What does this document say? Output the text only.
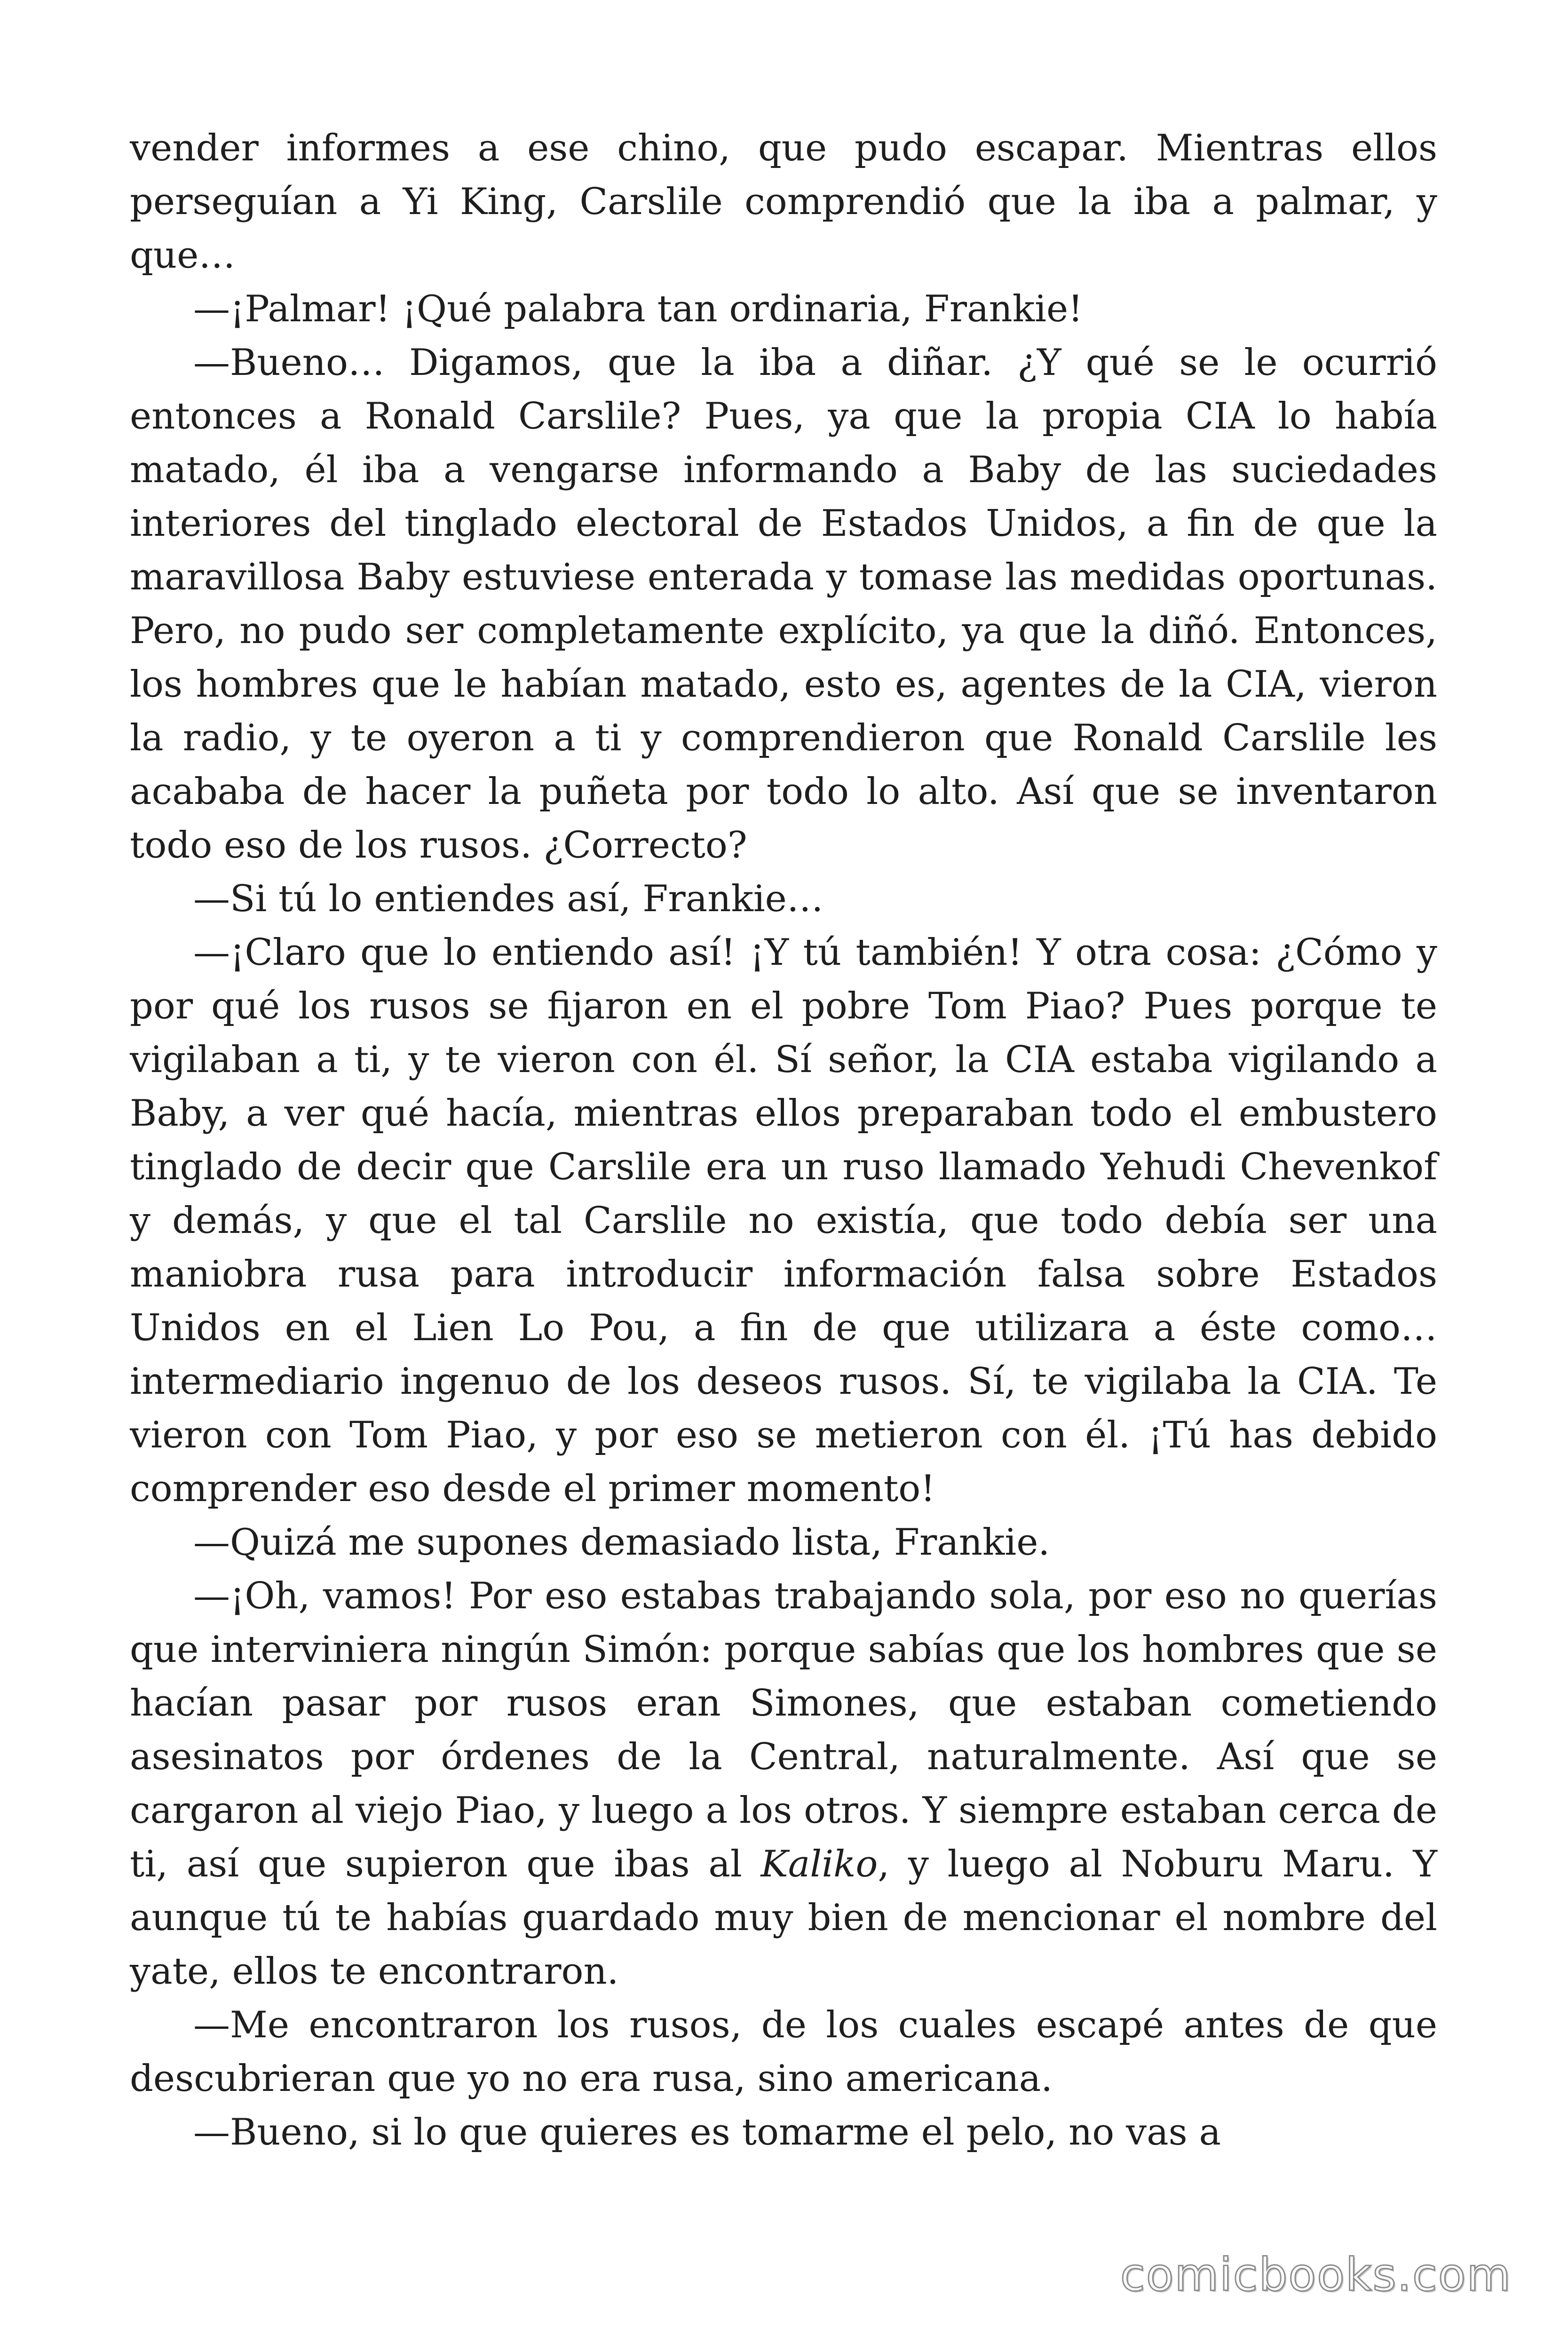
vender informes a ese chino, que pudo escapar. Mientras ellos perseguían a Yi King, Carslile comprendió que la iba a palmar, y que…

—¡Palmar! ¡Qué palabra tan ordinaria, Frankie!

—Bueno… Digamos, que la iba a diñar. ¿Y qué se le ocurrió entonces a Ronald Carslile? Pues, ya que la propia CIA lo había matado, él iba a vengarse informando a Baby de las suciedades interiores del tinglado electoral de Estados Unidos, a fin de que la maravillosa Baby estuviese enterada y tomase las medidas oportunas. Pero, no pudo ser completamente explícito, ya que la diñó. Entonces, los hombres que le habían matado, esto es, agentes de la CIA, vieron la radio, y te oyeron a ti y comprendieron que Ronald Carslile les acababa de hacer la puñeta por todo lo alto. Así que se inventaron todo eso de los rusos. ¿Correcto?

—Si tú lo entiendes así, Frankie…

—¡Claro que lo entiendo así! ¡Y tú también! Y otra cosa: ¿Cómo y por qué los rusos se fijaron en el pobre Tom Piao? Pues porque te vigilaban a ti, y te vieron con él. Sí señor, la CIA estaba vigilando a Baby, a ver qué hacía, mientras ellos preparaban todo el embustero tinglado de decir que Carslile era un ruso llamado Yehudi Chevenkof y demás, y que el tal Carslile no existía, que todo debía ser una maniobra rusa para introducir información falsa sobre Estados Unidos en el Lien Lo Pou, a fin de que utilizara a éste como… intermediario ingenuo de los deseos rusos. Sí, te vigilaba la CIA. Te vieron con Tom Piao, y por eso se metieron con él. ¡Tú has debido comprender eso desde el primer momento!

—Quizá me supones demasiado lista, Frankie.

—¡Oh, vamos! Por eso estabas trabajando sola, por eso no querías que interviniera ningún Simón: porque sabías que los hombres que se hacían pasar por rusos eran Simones, que estaban cometiendo asesinatos por órdenes de la Central, naturalmente. Así que se cargaron al viejo Piao, y luego a los otros. Y siempre estaban cerca de ti, así que supieron que ibas al Kaliko, y luego al Noburu Maru. Y aunque tú te habías guardado muy bien de mencionar el nombre del yate, ellos te encontraron.

—Me encontraron los rusos, de los cuales escapé antes de que descubrieran que yo no era rusa, sino americana.

—Bueno, si lo que quieres es tomarme el pelo, no vas a

comicbooks.com
